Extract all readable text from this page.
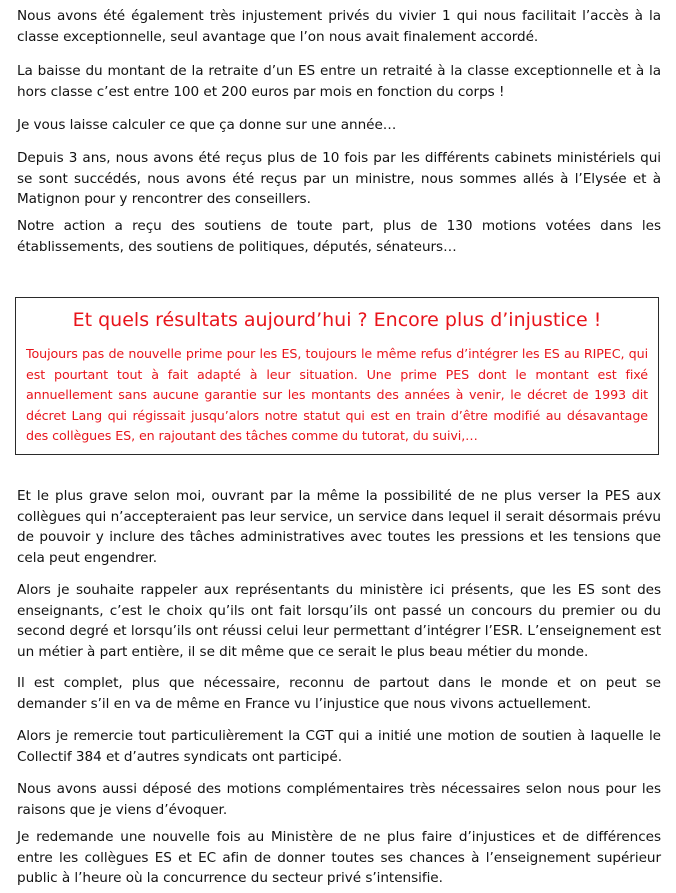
Nous avons été également très injustement privés du vivier 1 qui nous facilitait l’accès à la classe exceptionnelle, seul avantage que l’on nous avait finalement accordé.

La baisse du montant de la retraite d’un ES entre un retraité à la classe exceptionnelle et à la hors classe c’est entre 100 et 200 euros par mois en fonction du corps !

Je vous laisse calculer ce que ça donne sur une année…

Depuis 3 ans, nous avons été reçus plus de 10 fois par les différents cabinets ministériels qui se sont succédés, nous avons été reçus par un ministre, nous sommes allés à l’Elysée et à Matignon pour y rencontrer des conseillers.

Notre action a reçu des soutiens de toute part, plus de 130 motions votées dans les établissements, des soutiens de politiques, députés, sénateurs…

Et quels résultats aujourd’hui ? Encore plus d’injustice !

Toujours pas de nouvelle prime pour les ES, toujours le même refus d’intégrer les ES au RIPEC, qui est pourtant tout à fait adapté à leur situation. Une prime PES dont le montant est fixé annuellement sans aucune garantie sur les montants des années à venir, le décret de 1993 dit décret Lang qui régissait jusqu’alors notre statut qui est en train d’être modifié au désavantage des collègues ES, en rajoutant des tâches comme du tutorat, du suivi,…

Et le plus grave selon moi, ouvrant par la même la possibilité de ne plus verser la PES aux collègues qui n’accepteraient pas leur service, un service dans lequel il serait désormais prévu de pouvoir y inclure des tâches administratives avec toutes les pressions et les tensions que cela peut engendrer.

Alors je souhaite rappeler aux représentants du ministère ici présents, que les ES sont des enseignants, c’est le choix qu’ils ont fait lorsqu’ils ont passé un concours du premier ou du second degré et lorsqu’ils ont réussi celui leur permettant d’intégrer l’ESR. L’enseignement est un métier à part entière, il se dit même que ce serait le plus beau métier du monde.

Il est complet, plus que nécessaire, reconnu de partout dans le monde et on peut se demander s’il en va de même en France vu l’injustice que nous vivons actuellement.

Alors je remercie tout particulièrement la CGT qui a initié une motion de soutien à laquelle le Collectif 384 et d’autres syndicats ont participé.

Nous avons aussi déposé des motions complémentaires très nécessaires selon nous pour les raisons que je viens d’évoquer.

Je redemande une nouvelle fois au Ministère de ne plus faire d’injustices et de différences entre les collègues ES et EC afin de donner toutes ses chances à l’enseignement supérieur public à l’heure où la concurrence du secteur privé s’intensifie.
